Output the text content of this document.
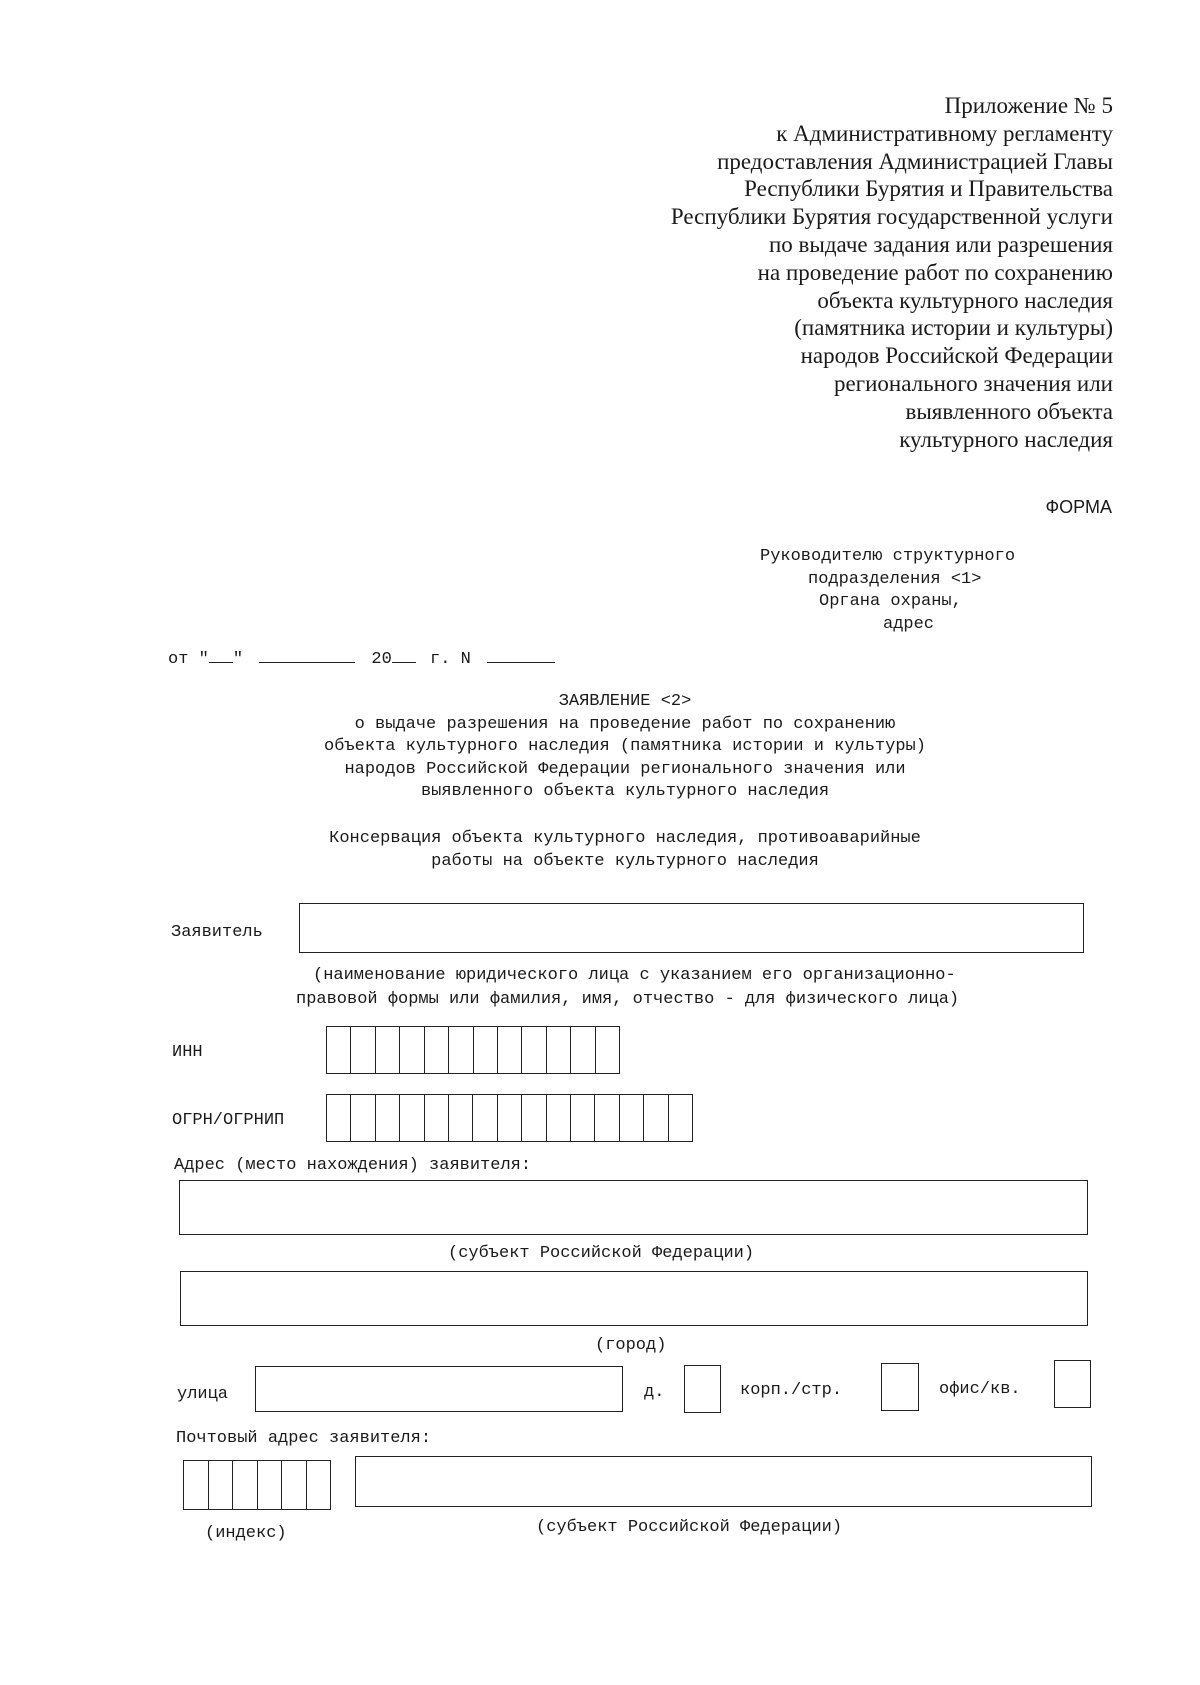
Приложение № 5
к Административному регламенту
предоставления Администрацией Главы
Республики Бурятия и Правительства
Республики Бурятия государственной услуги
по выдаче задания или разрешения
на проведение работ по сохранению
объекта культурного наследия
(памятника истории и культуры)
народов Российской Федерации
регионального значения или
выявленного объекта
культурного наследия
ФОРМА
Руководителю структурного
подразделения <1>
Органа охраны,
адрес
от " "	20 г. N
ЗАЯВЛЕНИЕ <2>
о выдаче разрешения на проведение работ по сохранению
объекта культурного наследия (памятника истории и культуры)
народов Российской Федерации регионального значения или
выявленного объекта культурного наследия
Консервация объекта культурного наследия, противоаварийные
работы на объекте культурного наследия
Заявитель
(наименование юридического лица с указанием его организационно-
правовой формы или фамилия, имя, отчество - для физического лица)
ИНН
ОГРН/ОГРНИП
Адрес (место нахождения) заявителя:
(субъект Российской Федерации)
(город)
улица	д.	корп./стр.	офис/кв.
Почтовый адрес заявителя:
(индекс)	(субъект Российской Федерации)
